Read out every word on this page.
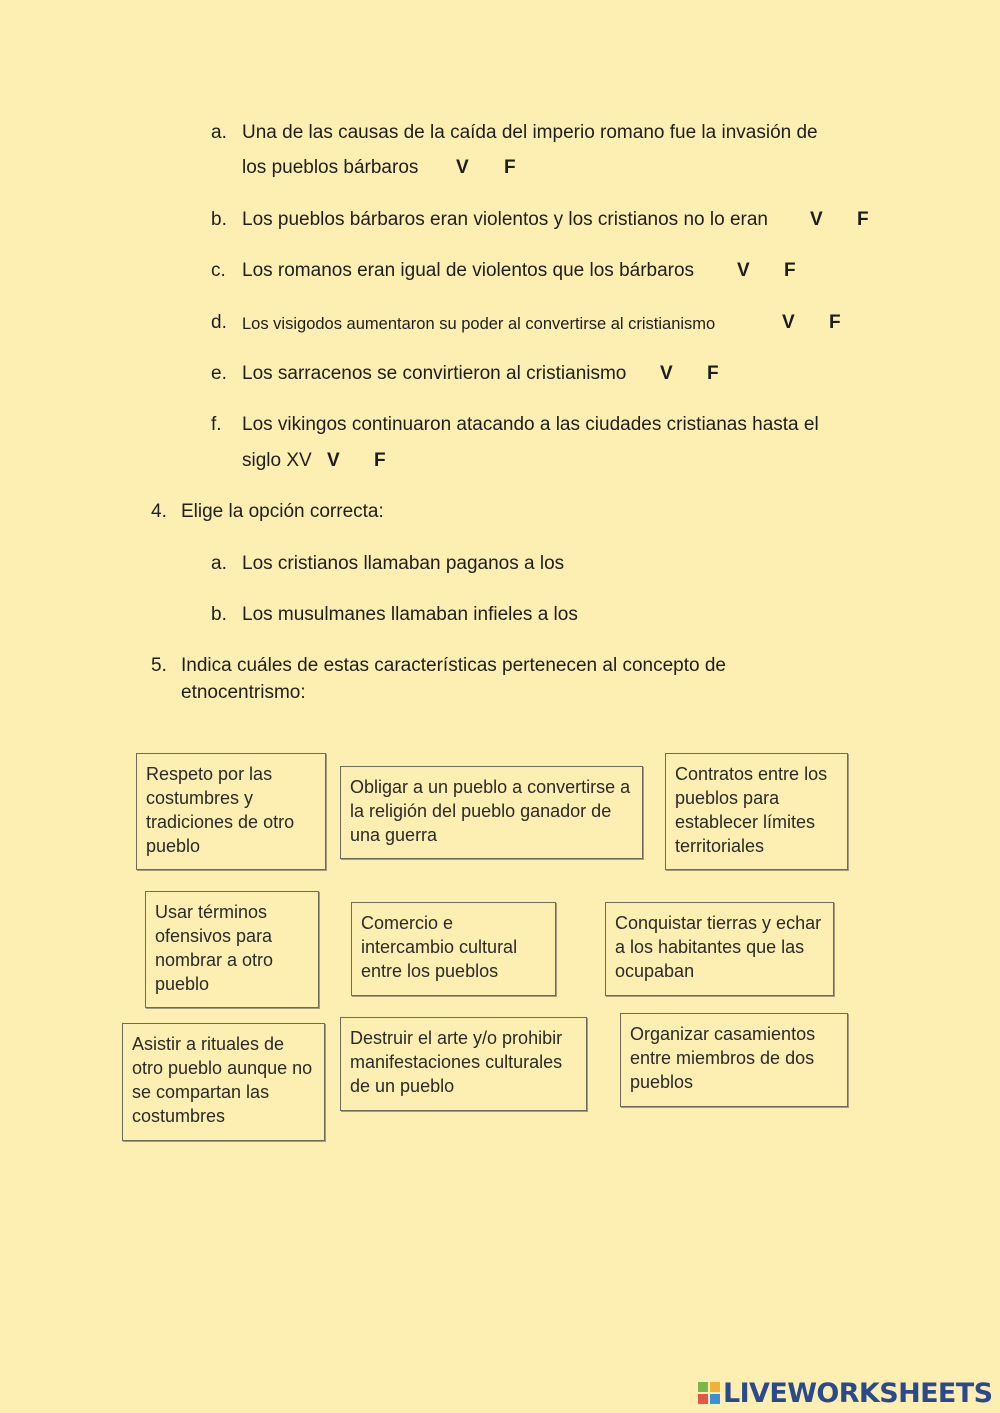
a. Una de las causas de la caída del imperio romano fue la invasión de
los pueblos bárbaros V F
b. Los pueblos bárbaros eran violentos y los cristianos no lo eran V F
c. Los romanos eran igual de violentos que los bárbaros V F
d. Los visigodos aumentaron su poder al convertirse al cristianismo	V F
e. Los sarracenos se convirtieron al cristianismo V F
f. Los vikingos continuaron atacando a las ciudades cristianas hasta el
siglo XV V F
4. Elige la opción correcta:
a. Los cristianos llamaban paganos a los
b. Los musulmanes llamaban infieles a los
5. Indica cuáles de estas características pertenecen al concepto de
etnocentrismo:
Respeto por las costumbres y tradiciones de otro pueblo
Obligar a un pueblo a convertirse a la religión del pueblo ganador de una guerra
Contratos entre los pueblos para establecer límites territoriales
Usar términos ofensivos para nombrar a otro pueblo
Comercio e intercambio cultural entre los pueblos
Conquistar tierras y echar a los habitantes que las ocupaban
Asistir a rituales de otro pueblo aunque no se compartan las costumbres
Destruir el arte y/o prohibir manifestaciones culturales de un pueblo
Organizar casamientos entre miembros de dos pueblos
LIVEWORKSHEETS
